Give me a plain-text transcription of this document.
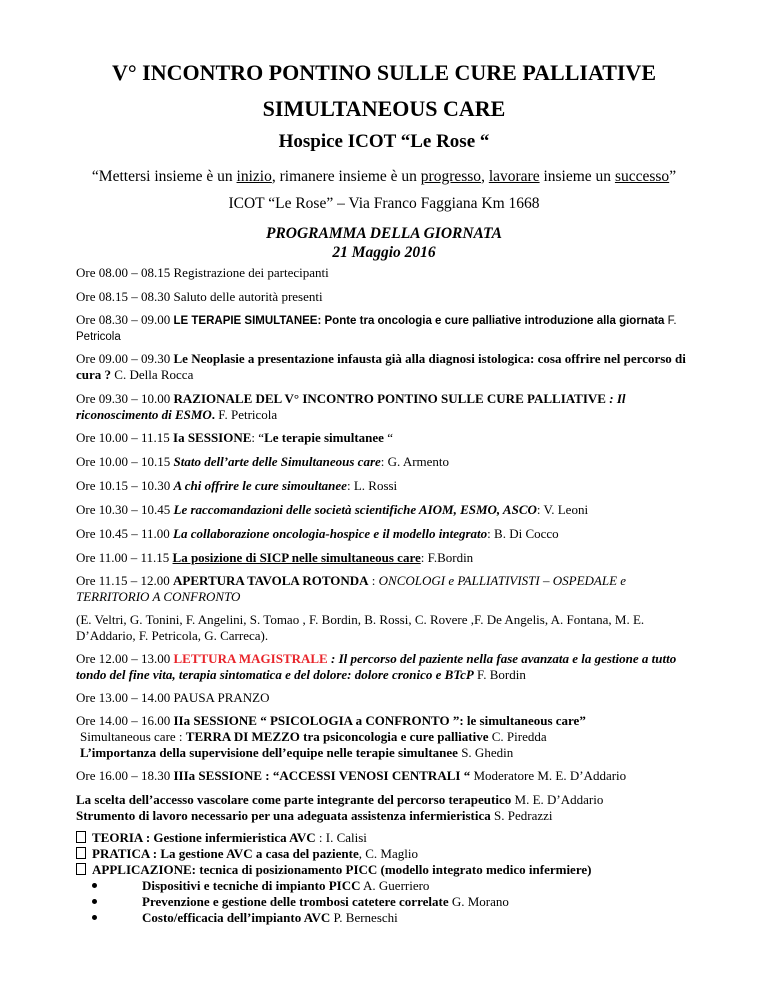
V° INCONTRO PONTINO SULLE CURE PALLIATIVE
SIMULTANEOUS CARE
Hospice ICOT “Le Rose “
“Mettersi insieme è un inizio, rimanere insieme è un progresso, lavorare insieme un successo”
ICOT “Le Rose” – Via Franco Faggiana Km 1668
PROGRAMMA DELLA GIORNATA
21 Maggio 2016
Ore 08.00 – 08.15 Registrazione dei partecipanti
Ore 08.15 – 08.30 Saluto delle autorità presenti
Ore 08.30 – 09.00 LE TERAPIE SIMULTANEE: Ponte tra oncologia e cure palliative introduzione alla giornata F.
Petricola
Ore 09.00 – 09.30 Le Neoplasie a presentazione infausta già alla diagnosi istologica: cosa offrire nel percorso di
cura ? C. Della Rocca
Ore 09.30 – 10.00 RAZIONALE DEL V° INCONTRO PONTINO SULLE CURE PALLIATIVE : Il
riconoscimento di ESMO. F. Petricola
Ore 10.00 – 11.15 Ia SESSIONE: “Le terapie simultanee “
Ore 10.00 – 10.15 Stato dell’arte delle Simultaneous care: G. Armento
Ore 10.15 – 10.30 A chi offrire le cure simoultanee: L. Rossi
Ore 10.30 – 10.45 Le raccomandazioni delle società scientifiche AIOM, ESMO, ASCO: V. Leoni
Ore 10.45 – 11.00 La collaborazione oncologia-hospice e il modello integrato: B. Di Cocco
Ore 11.00 – 11.15 La posizione di SICP nelle simultaneous care: F.Bordin
Ore 11.15 – 12.00 APERTURA TAVOLA ROTONDA : ONCOLOGI e PALLIATIVISTI – OSPEDALE e
TERRITORIO A CONFRONTO
(E. Veltri, G. Tonini, F. Angelini, S. Tomao , F. Bordin, B. Rossi, C. Rovere ,F. De Angelis, A. Fontana, M. E.
D’Addario, F. Petricola, G. Carreca).
Ore 12.00 – 13.00 LETTURA MAGISTRALE : Il percorso del paziente nella fase avanzata e la gestione a tutto
tondo del fine vita, terapia sintomatica e del dolore: dolore cronico e BTcP F. Bordin
Ore 13.00 – 14.00 PAUSA PRANZO
Ore 14.00 – 16.00 IIa SESSIONE “ PSICOLOGIA a CONFRONTO ”: le simultaneous care”
Simultaneous care : TERRA DI MEZZO tra psiconcologia e cure palliative C. Piredda
L’importanza della supervisione dell’equipe nelle terapie simultanee S. Ghedin
Ore 16.00 – 18.30 IIIa SESSIONE : “ACCESSI VENOSI CENTRALI “ Moderatore M. E. D’Addario
La scelta dell’accesso vascolare come parte integrante del percorso terapeutico M. E. D’Addario
Strumento di lavoro necessario per una adeguata assistenza infermieristica S. Pedrazzi
TEORIA : Gestione infermieristica AVC : I. Calisi
PRATICA : La gestione AVC a casa del paziente, C. Maglio
APPLICAZIONE: tecnica di posizionamento PICC (modello integrato medico infermiere)
Dispositivi e tecniche di impianto PICC A. Guerriero
Prevenzione e gestione delle trombosi catetere correlate G. Morano
Costo/efficacia dell’impianto AVC P. Berneschi
